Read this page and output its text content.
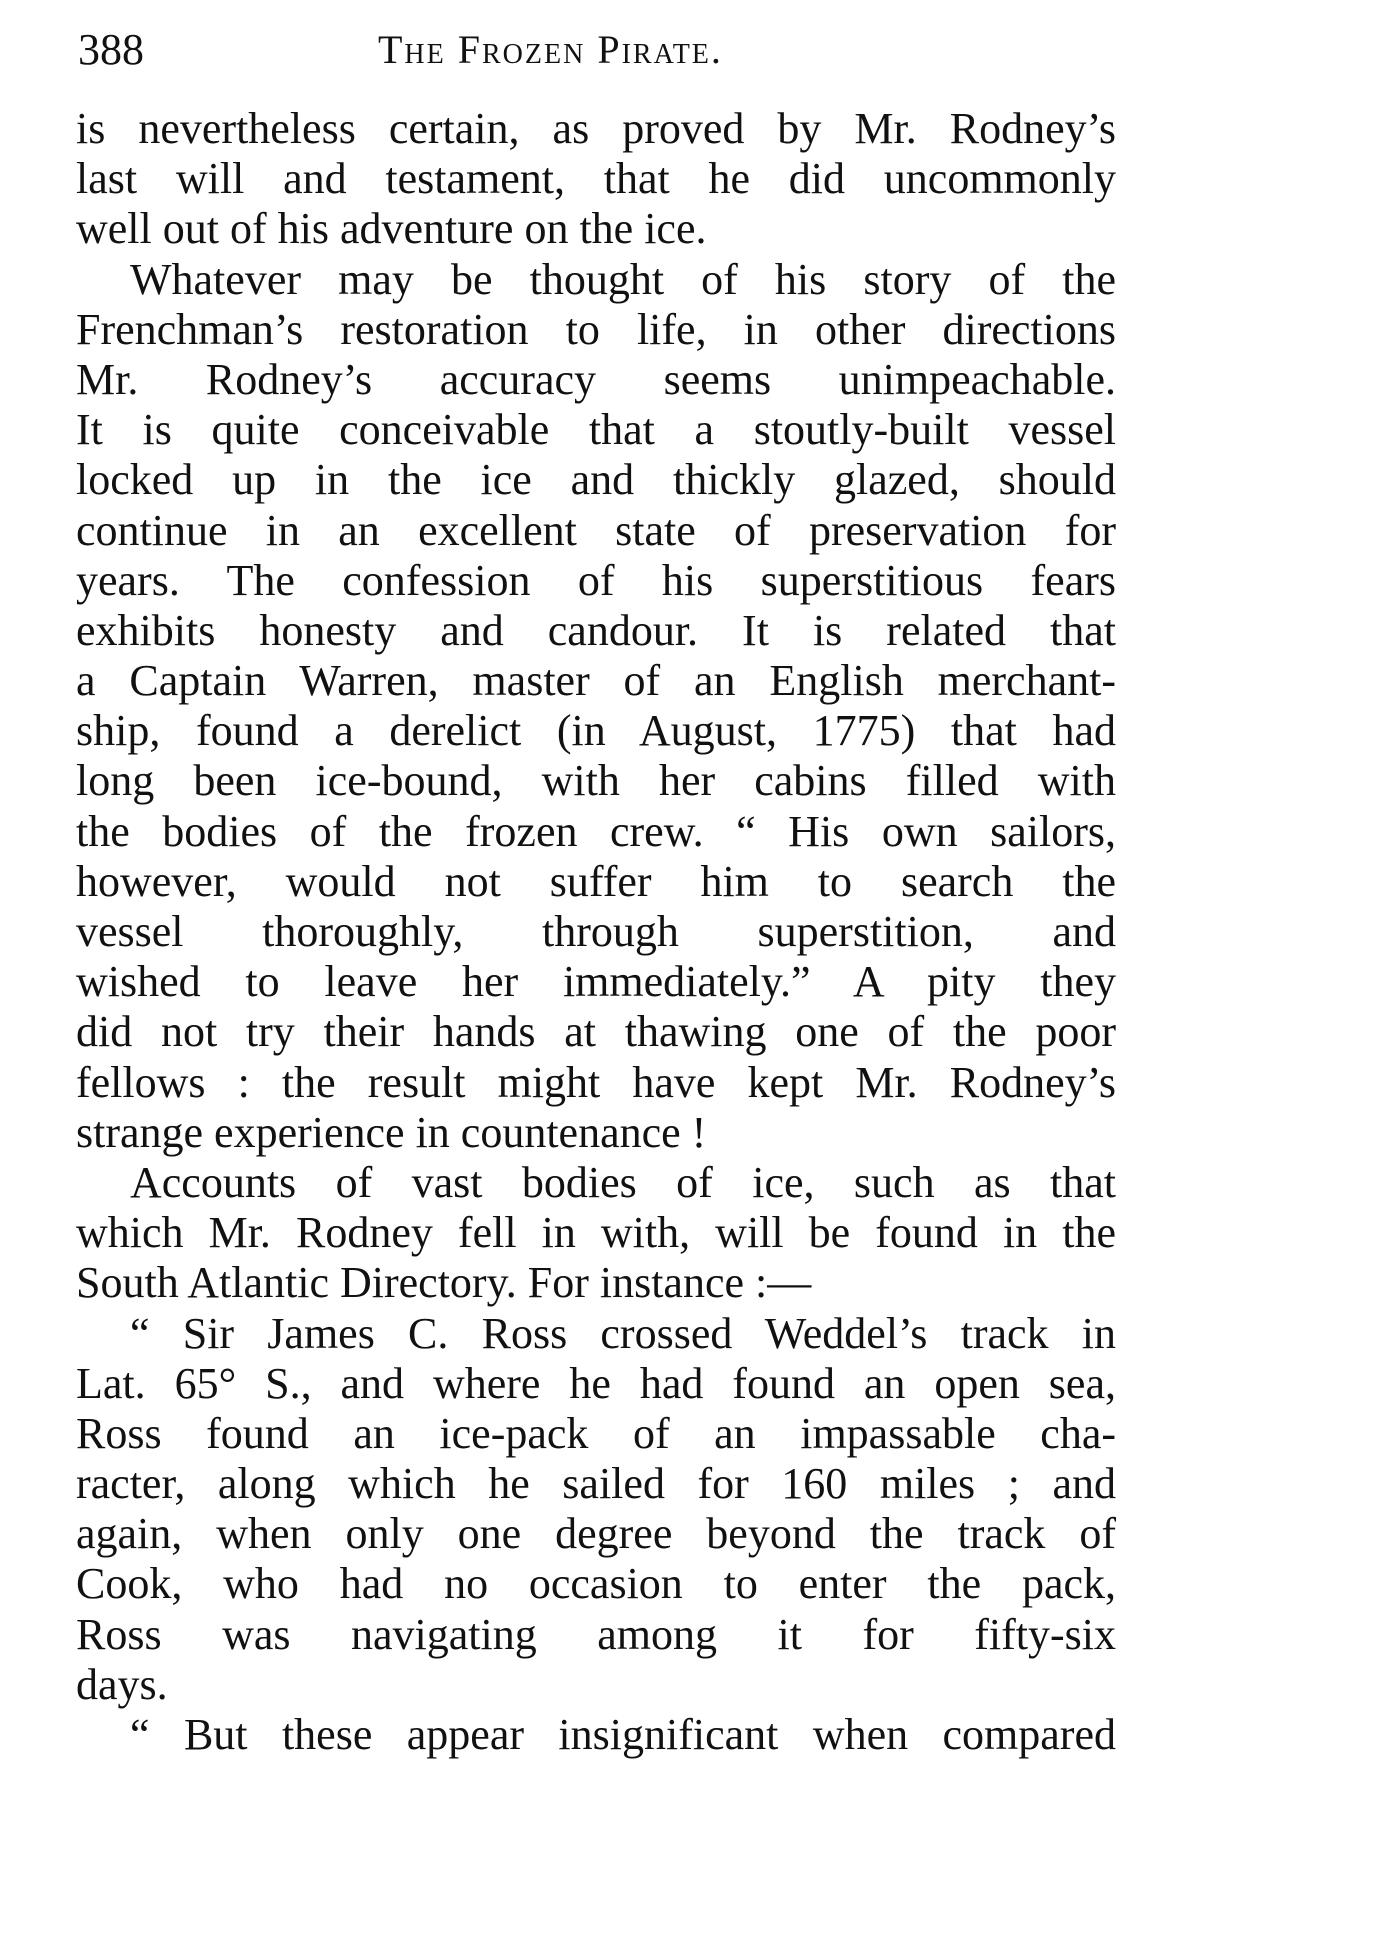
388	The Frozen Pirate.
is nevertheless certain, as proved by Mr. Rodney’s
last will and testament, that he did uncommonly
well out of his adventure on the ice.
Whatever may be thought of his story of the
Frenchman’s restoration to life, in other directions
Mr. Rodney’s accuracy seems unimpeachable.
It is quite conceivable that a stoutly-built vessel
locked up in the ice and thickly glazed, should
continue in an excellent state of preservation for
years. The confession of his superstitious fears
exhibits honesty and candour. It is related that
a Captain Warren, master of an English merchant-
ship, found a derelict (in August, 1775) that had
long been ice-bound, with her cabins filled with
the bodies of the frozen crew. “ His own sailors,
however, would not suffer him to search the
vessel thoroughly, through superstition, and
wished to leave her immediately.” A pity they
did not try their hands at thawing one of the poor
fellows : the result might have kept Mr. Rodney’s
strange experience in countenance !
Accounts of vast bodies of ice, such as that
which Mr. Rodney fell in with, will be found in the
South Atlantic Directory. For instance :—
“ Sir James C. Ross crossed Weddel’s track in
Lat. 65° S., and where he had found an open sea,
Ross found an ice-pack of an impassable cha-
racter, along which he sailed for 160 miles ; and
again, when only one degree beyond the track of
Cook, who had no occasion to enter the pack,
Ross was navigating among it for fifty-six
days.
“ But these appear insignificant when compared
